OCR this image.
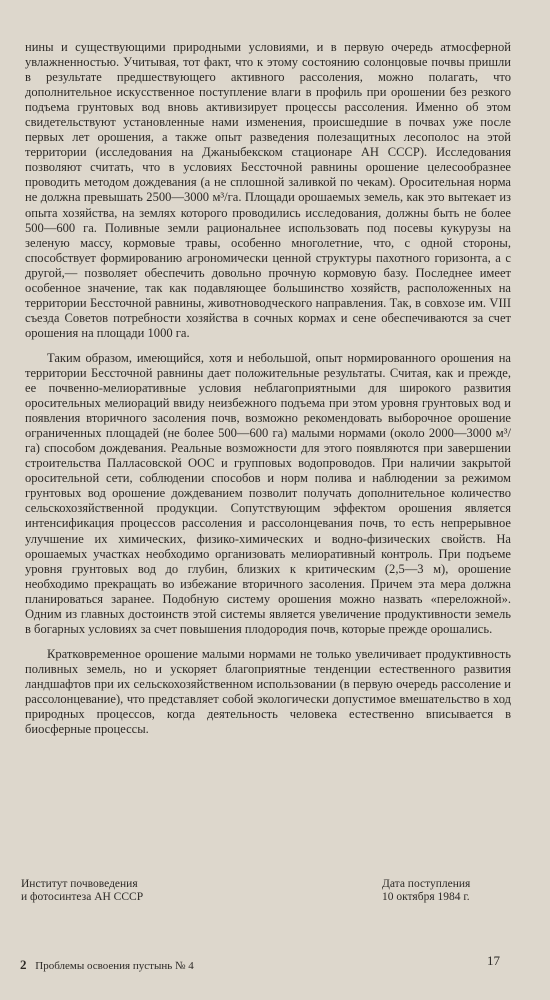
нины и существующими природными условиями, и в первую очередь атмосферной увлажненностью. Учитывая, тот факт, что к этому состоянию солонцовые почвы пришли в результате предшествующего активного рассоления, можно полагать, что дополнительное искусственное поступление влаги в профиль при орошении без резкого подъема грунтовых вод вновь активизирует процессы рассоления. Именно об этом свидетельствуют установленные нами изменения, происшедшие в почвах уже после первых лет орошения, а также опыт разведения полезащитных лесополос на этой территории (исследования на Джаныбекском стационаре АН СССР). Исследования позволяют считать, что в условиях Бессточной равнины орошение целесообразнее проводить методом дождевания (а не сплошной заливкой по чекам). Оросительная норма не должна превышать 2500—3000 м³/га. Площади орошаемых земель, как это вытекает из опыта хозяйства, на землях которого проводились исследования, должны быть не более 500—600 га. Поливные земли рациональнее использовать под посевы кукурузы на зеленую массу, кормовые травы, особенно многолетние, что, с одной стороны, способствует формированию агрономически ценной структуры пахотного горизонта, а с другой,— позволяет обеспечить довольно прочную кормовую базу. Последнее имеет особенное значение, так как подавляющее большинство хозяйств, расположенных на территории Бессточной равнины, животноводческого направления. Так, в совхозе им. VIII съезда Советов потребности хозяйства в сочных кормах и сене обеспечиваются за счет орошения на площади 1000 га.

Таким образом, имеющийся, хотя и небольшой, опыт нормированного орошения на территории Бессточной равнины дает положительные результаты. Считая, как и прежде, ее почвенно-мелиоративные условия неблагоприятными для широкого развития оросительных мелиораций ввиду неизбежного подъема при этом уровня грунтовых вод и появления вторичного засоления почв, возможно рекомендовать выборочное орошение ограниченных площадей (не более 500—600 га) малыми нормами (около 2000—3000 м³/га) способом дождевания. Реальные возможности для этого появляются при завершении строительства Палласовской ООС и групповых водопроводов. При наличии закрытой оросительной сети, соблюдении способов и норм полива и наблюдении за режимом грунтовых вод орошение дождеванием позволит получать дополнительное количество сельскохозяйственной продукции. Сопутствующим эффектом орошения является интенсификация процессов рассоления и рассолонцевания почв, то есть непрерывное улучшение их химических, физико-химических и водно-физических свойств. На орошаемых участках необходимо организовать мелиоративный контроль. При подъеме уровня грунтовых вод до глубин, близких к критическим (2,5—3 м), орошение необходимо прекращать во избежание вторичного засоления. Причем эта мера должна планироваться заранее. Подобную систему орошения можно назвать «переложной». Одним из главных достоинств этой системы является увеличение продуктивности земель в богарных условиях за счет повышения плодородия почв, которые прежде орошались.

Кратковременное орошение малыми нормами не только увеличивает продуктивность поливных земель, но и ускоряет благоприятные тенденции естественного развития ландшафтов при их сельскохозяйственном использовании (в первую очередь рассоление и рассолонцевание), что представляет собой экологически допустимое вмешательство в ход природных процессов, когда деятельность человека естественно вписывается в биосферные процессы.

Институт почвоведения
и фотосинтеза АН СССР
Дата поступления
10 октября 1984 г.
2 Проблемы освоения пустынь № 4	17
